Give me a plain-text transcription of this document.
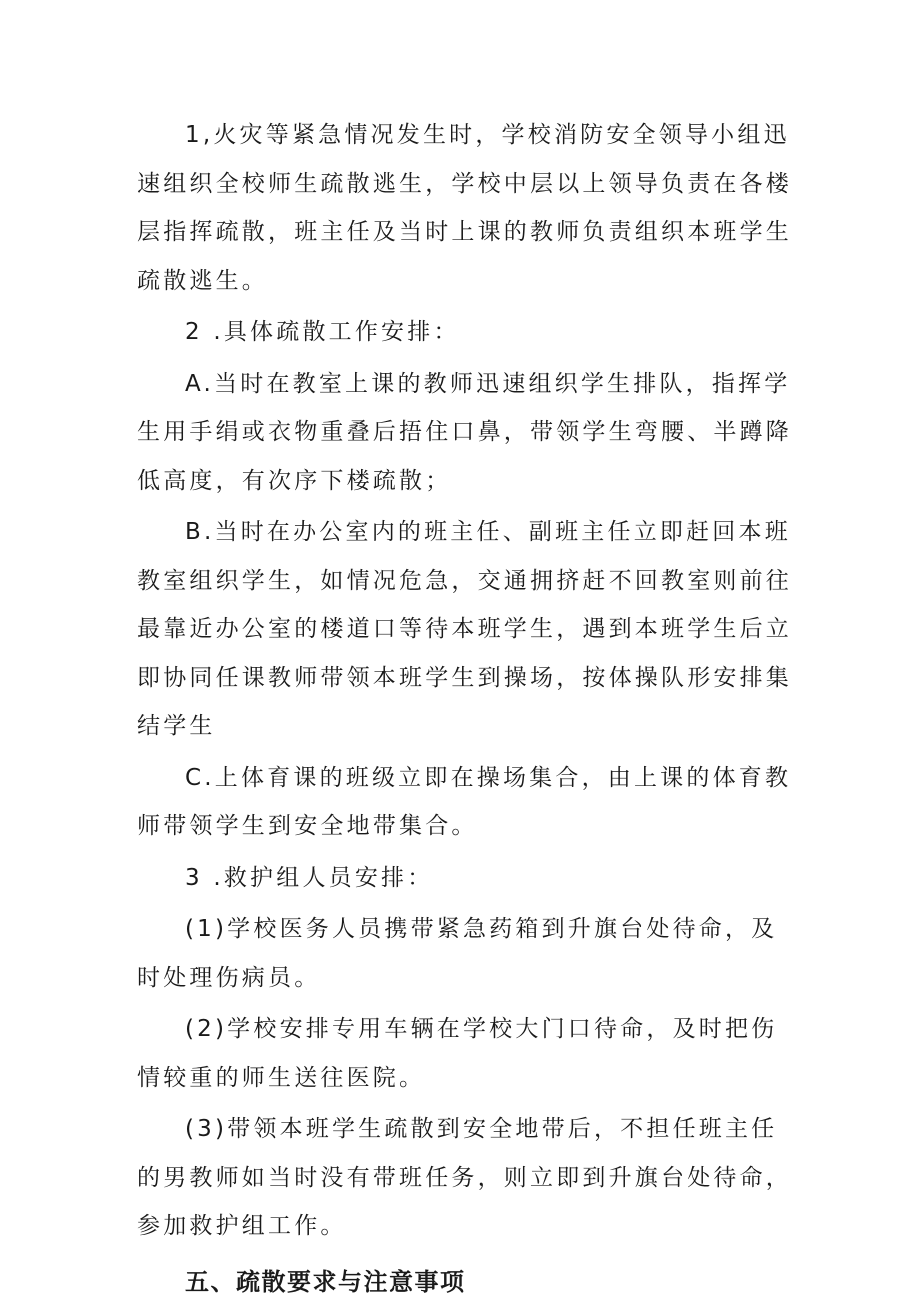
1,火灾等紧急情况发生时，学校消防安全领导小组迅速组织全校师生疏散逃生，学校中层以上领导负责在各楼层指挥疏散，班主任及当时上课的教师负责组织本班学生疏散逃生。

2 .具体疏散工作安排：

A.当时在教室上课的教师迅速组织学生排队，指挥学生用手绢或衣物重叠后捂住口鼻，带领学生弯腰、半蹲降低高度，有次序下楼疏散；

B.当时在办公室内的班主任、副班主任立即赶回本班教室组织学生，如情况危急，交通拥挤赶不回教室则前往最靠近办公室的楼道口等待本班学生，遇到本班学生后立即协同任课教师带领本班学生到操场，按体操队形安排集结学生

C.上体育课的班级立即在操场集合，由上课的体育教师带领学生到安全地带集合。

3 .救护组人员安排：

(1)学校医务人员携带紧急药箱到升旗台处待命，及时处理伤病员。

(2)学校安排专用车辆在学校大门口待命，及时把伤情较重的师生送往医院。

(3)带领本班学生疏散到安全地带后，不担任班主任的男教师如当时没有带班任务，则立即到升旗台处待命，参加救护组工作。

五、疏散要求与注意事项
